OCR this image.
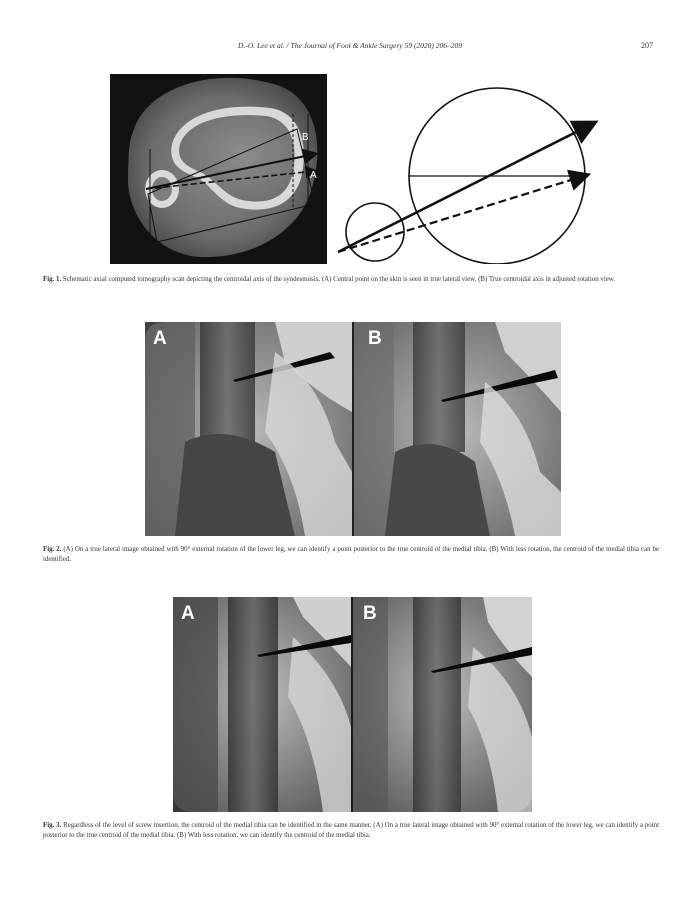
D.-O. Lee et al. / The Journal of Foot & Ankle Surgery 59 (2020) 206–209	207
B
A
Fig. 1. Schematic axial computed tomography scan depicting the centroidal axis of the syndesmosis. (A) Central point on the skin is seen in true lateral view. (B) True centroidal axis in adjusted rotation view.
A	B
Fig. 2. (A) On a true lateral image obtained with 90° external rotation of the lower leg, we can identify a point posterior to the true centroid of the medial tibia. (B) With less rotation, the centroid of the medial tibia can be identified.
A	B
Fig. 3. Regardless of the level of screw insertion, the centroid of the medial tibia can be identified in the same manner. (A) On a true lateral image obtained with 90° external rotation of the lower leg, we can identify a point posterior to the true centroid of the medial tibia. (B) With less rotation, we can identify the centroid of the medial tibia.
